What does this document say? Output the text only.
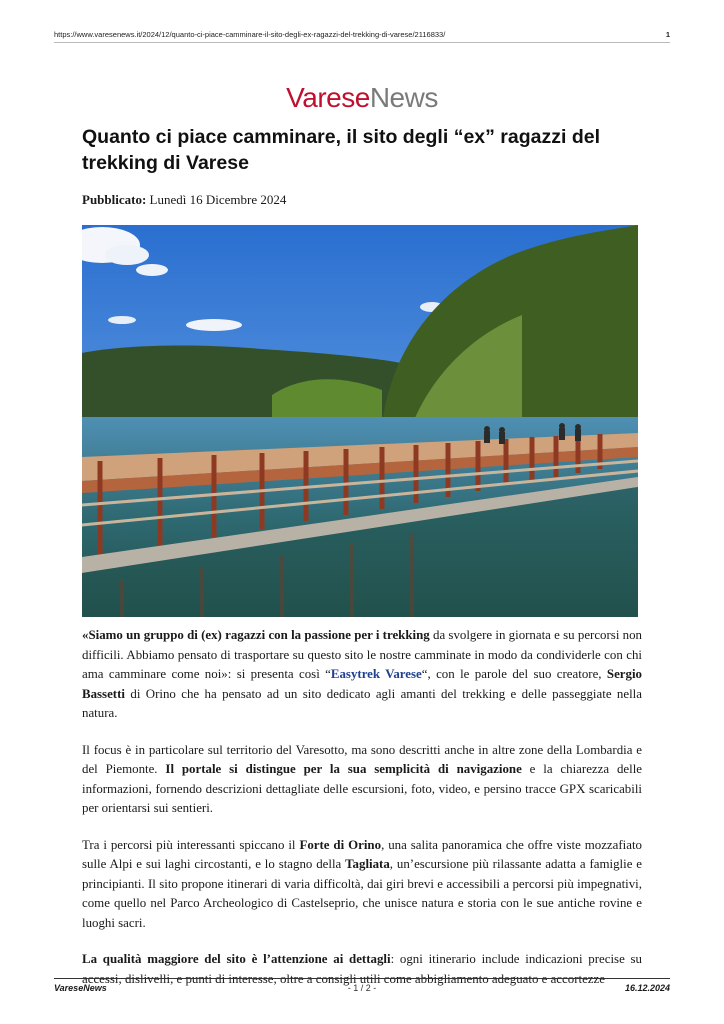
https://www.varesenews.it/2024/12/quanto-ci-piace-camminare-il-sito-degli-ex-ragazzi-del-trekking-di-varese/2116833/	1
VareseNews
Quanto ci piace camminare, il sito degli “ex” ragazzi del trekking di Varese
Pubblicato: Lunedì 16 Dicembre 2024

«Siamo un gruppo di (ex) ragazzi con la passione per i trekking da svolgere in giornata e su percorsi non difficili. Abbiamo pensato di trasportare su questo sito le nostre camminate in modo da condividerle con chi ama camminare come noi»: si presenta così “Easytrek Varese“, con le parole del suo creatore, Sergio Bassetti di Orino che ha pensato ad un sito dedicato agli amanti del trekking e delle passeggiate nella natura.

Il focus è in particolare sul territorio del Varesotto, ma sono descritti anche in altre zone della Lombardia e del Piemonte. Il portale si distingue per la sua semplicità di navigazione e la chiarezza delle informazioni, fornendo descrizioni dettagliate delle escursioni, foto, video, e persino tracce GPX scaricabili per orientarsi sui sentieri.

Tra i percorsi più interessanti spiccano il Forte di Orino, una salita panoramica che offre viste mozzafiato sulle Alpi e sui laghi circostanti, e lo stagno della Tagliata, un’escursione più rilassante adatta a famiglie e principianti. Il sito propone itinerari di varia difficoltà, dai giri brevi e accessibili a percorsi più impegnativi, come quello nel Parco Archeologico di Castelseprio, che unisce natura e storia con le sue antiche rovine e luoghi sacri.

La qualità maggiore del sito è l’attenzione ai dettagli: ogni itinerario include indicazioni precise su accessi, dislivelli, e punti di interesse, oltre a consigli utili come abbigliamento adeguato e accortezze

VareseNews	- 1 / 2 -	16.12.2024
